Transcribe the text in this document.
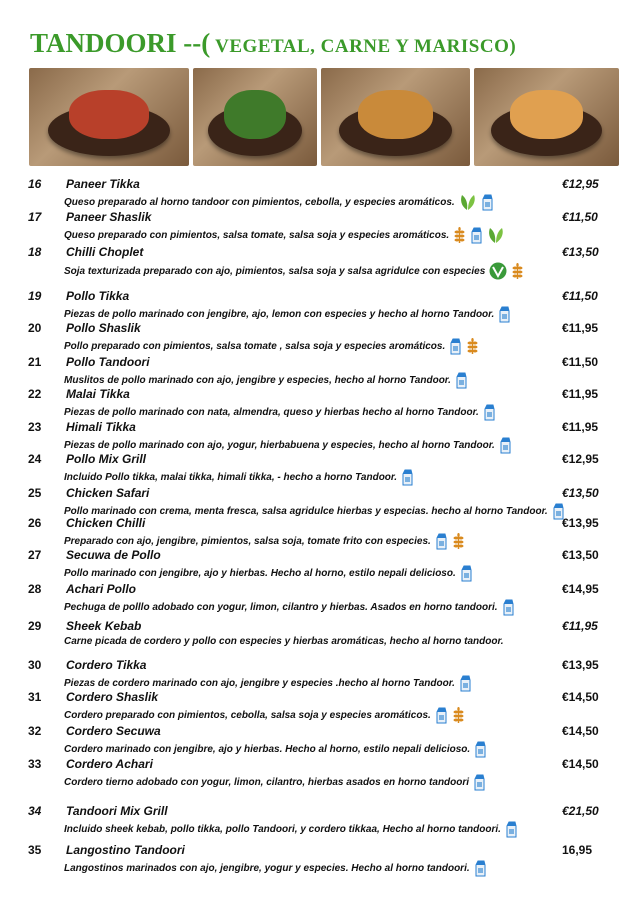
TANDOORI --( VEGETAL, CARNE Y MARISCO)
16 Paneer Tikka	€12,95
Queso preparado al horno tandoor con pimientos, cebolla, y especies aromáticos.
17 Paneer Shaslik	€11,50
Queso preparado con pimientos, salsa tomate, salsa soja y especies aromáticos.
18 Chilli Choplet	€13,50
Soja texturizada preparado con ajo, pimientos, salsa soja y salsa agridulce con especies
19 Pollo Tikka	€11,50
Piezas de pollo marinado con jengibre, ajo, lemon con especies y hecho al horno Tandoor.
20 Pollo Shaslik	€11,95
Pollo preparado con pimientos, salsa tomate , salsa soja y especies aromáticos.
21 Pollo Tandoori	€11,50
Muslitos de pollo marinado con ajo, jengibre y especies, hecho al horno Tandoor.
22 Malai Tikka	€11,95
Piezas de pollo marinado con nata, almendra, queso y hierbas hecho al horno Tandoor.
23 Himali Tikka	€11,95
Piezas de pollo marinado con ajo, yogur, hierbabuena y especies, hecho al horno Tandoor.
24 Pollo Mix Grill	€12,95
Incluido Pollo tikka, malai tikka, himali tikka, - hecho a horno Tandoor.
25 Chicken Safari	€13,50
Pollo marinado con crema, menta fresca, salsa agridulce hierbas y especias. hecho al horno Tandoor.
26 Chicken Chilli	€13,95
Preparado con ajo, jengibre, pimientos, salsa soja, tomate frito con especies.
27 Secuwa de Pollo	€13,50
Pollo marinado con jengibre, ajo y hierbas. Hecho al horno, estilo nepali delicioso.
28 Achari Pollo	€14,95
Pechuga de polllo adobado con yogur, limon, cilantro y hierbas. Asados en horno tandoori.
29 Sheek Kebab	€11,95
Carne picada de cordero y pollo con especies y hierbas aromáticas, hecho al horno tandoor.
30 Cordero Tikka	€13,95
Piezas de cordero marinado con ajo, jengibre y especies .hecho al horno Tandoor.
31 Cordero Shaslik	€14,50
Cordero preparado con pimientos, cebolla, salsa soja y especies aromáticos.
32 Cordero Secuwa	€14,50
Cordero marinado con jengibre, ajo y hierbas. Hecho al horno, estilo nepali delicioso.
33 Cordero Achari	€14,50
Cordero tierno adobado con yogur, limon, cilantro, hierbas asados en horno tandoori
34 Tandoori Mix Grill	€21,50
Incluido sheek kebab, pollo tikka, pollo Tandoori, y cordero tikkaa, Hecho al horno tandoori.
35 Langostino Tandoori	16,95
Langostinos marinados con ajo, jengibre, yogur y especies. Hecho al horno tandoori.
